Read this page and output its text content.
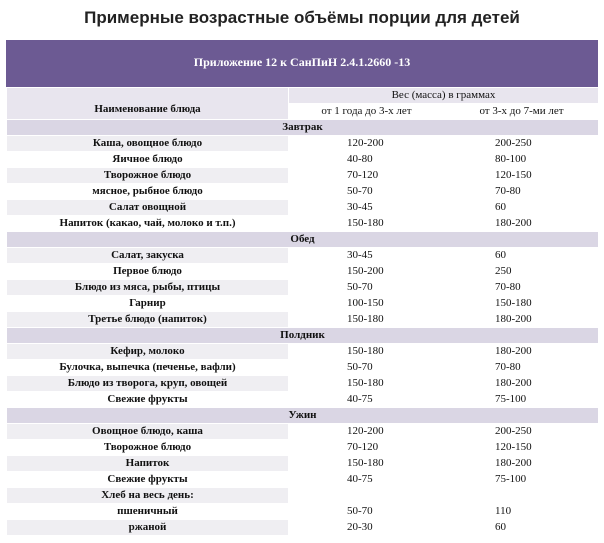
Примерные возрастные объёмы порции для детей
Приложение 12 к СанПиН 2.4.1.2660 -13
Наименование блюда	Вес (масса) в граммах	
	от 1 года до 3-х лет	от 3-х до 7-ми лет
Завтрак		
Каша, овощное блюдо	120-200	200-250
Яичное блюдо	40-80	80-100
Творожное блюдо	70-120	120-150
мясное, рыбное блюдо	50-70	70-80
Салат овощной	30-45	60
Напиток (какао, чай, молоко и т.п.)	150-180	180-200
Обед		
Салат, закуска	30-45	60
Первое блюдо	150-200	250
Блюдо из мяса, рыбы, птицы	50-70	70-80
Гарнир	100-150	150-180
Третье блюдо (напиток)	150-180	180-200
Полдник		
Кефир, молоко	150-180	180-200
Булочка, выпечка (печенье, вафли)	50-70	70-80
Блюдо из творога, круп, овощей	150-180	180-200
Свежие фрукты	40-75	75-100
Ужин		
Овощное блюдо, каша	120-200	200-250
Творожное блюдо	70-120	120-150
Напиток	150-180	180-200
Свежие фрукты	40-75	75-100
Хлеб на весь день:		
пшеничный	50-70	110
ржаной	20-30	60
